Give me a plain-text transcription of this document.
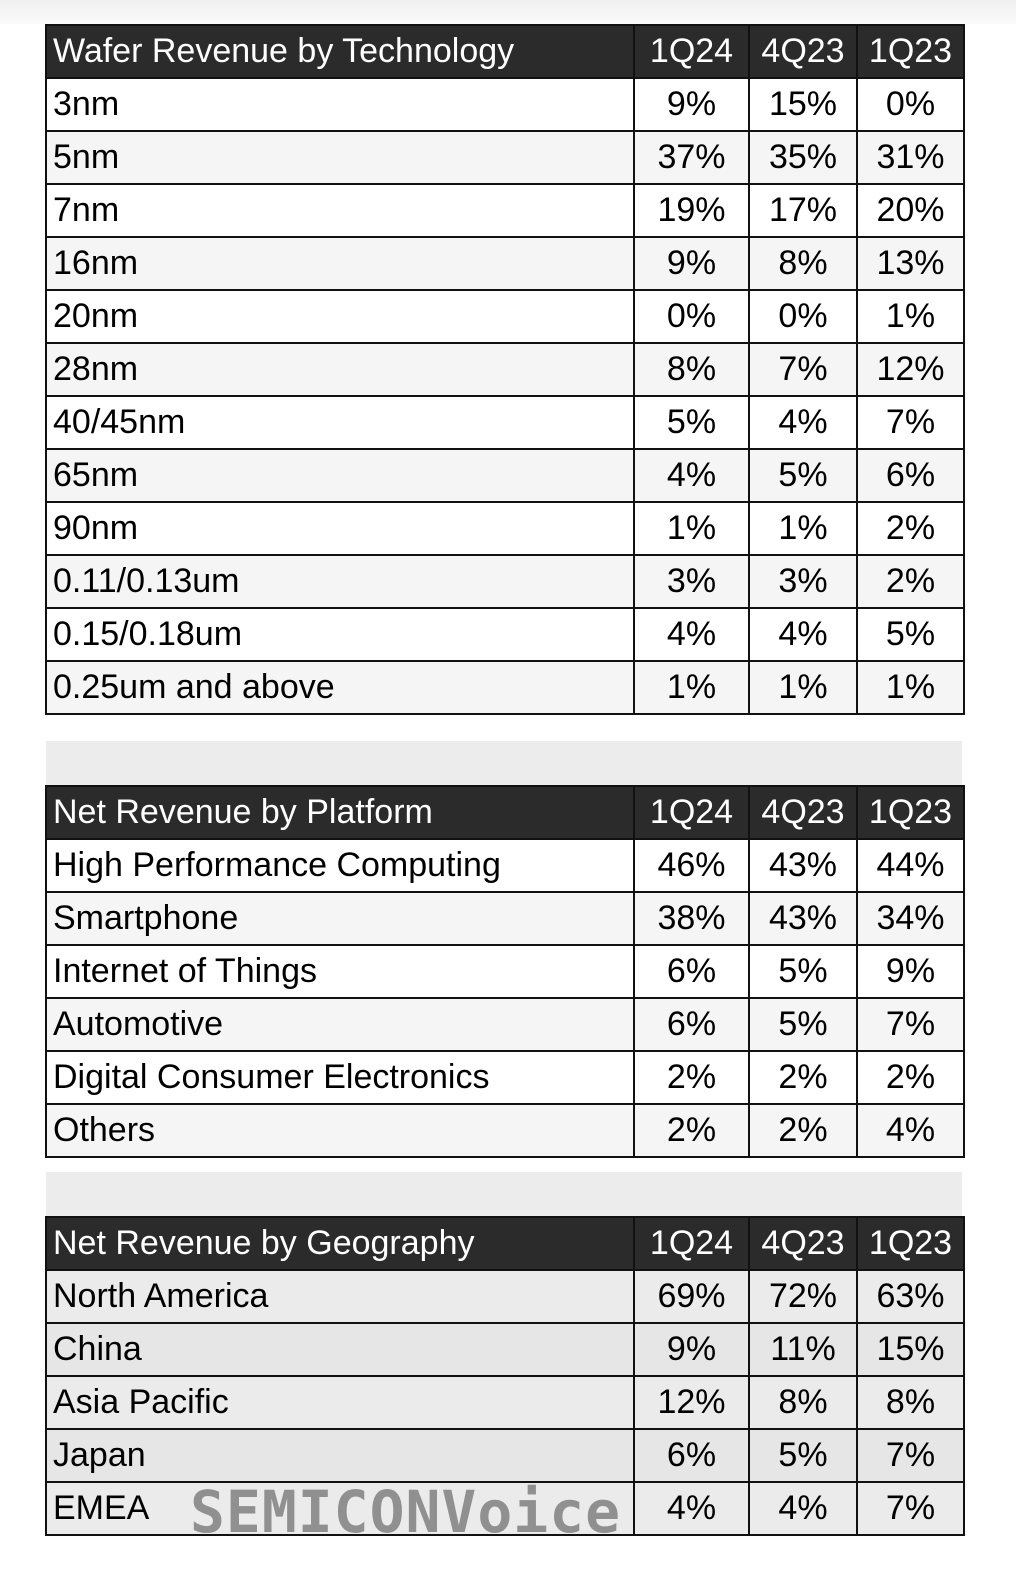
Wafer Revenue by Technology	1Q24	4Q23	1Q23
3nm	9%	15%	0%
5nm	37%	35%	31%
7nm	19%	17%	20%
16nm	9%	8%	13%
20nm	0%	0%	1%
28nm	8%	7%	12%
40/45nm	5%	4%	7%
65nm	4%	5%	6%
90nm	1%	1%	2%
0.11/0.13um	3%	3%	2%
0.15/0.18um	4%	4%	5%
0.25um and above	1%	1%	1%
Net Revenue by Platform	1Q24	4Q23	1Q23
High Performance Computing	46%	43%	44%
Smartphone	38%	43%	34%
Internet of Things	6%	5%	9%
Automotive	6%	5%	7%
Digital Consumer Electronics	2%	2%	2%
Others	2%	2%	4%
Net Revenue by Geography	1Q24	4Q23	1Q23
North America	69%	72%	63%
China	9%	11%	15%
Asia Pacific	12%	8%	8%
Japan	6%	5%	7%
EMEA	4%	4%	7%
SEMICONVoice
